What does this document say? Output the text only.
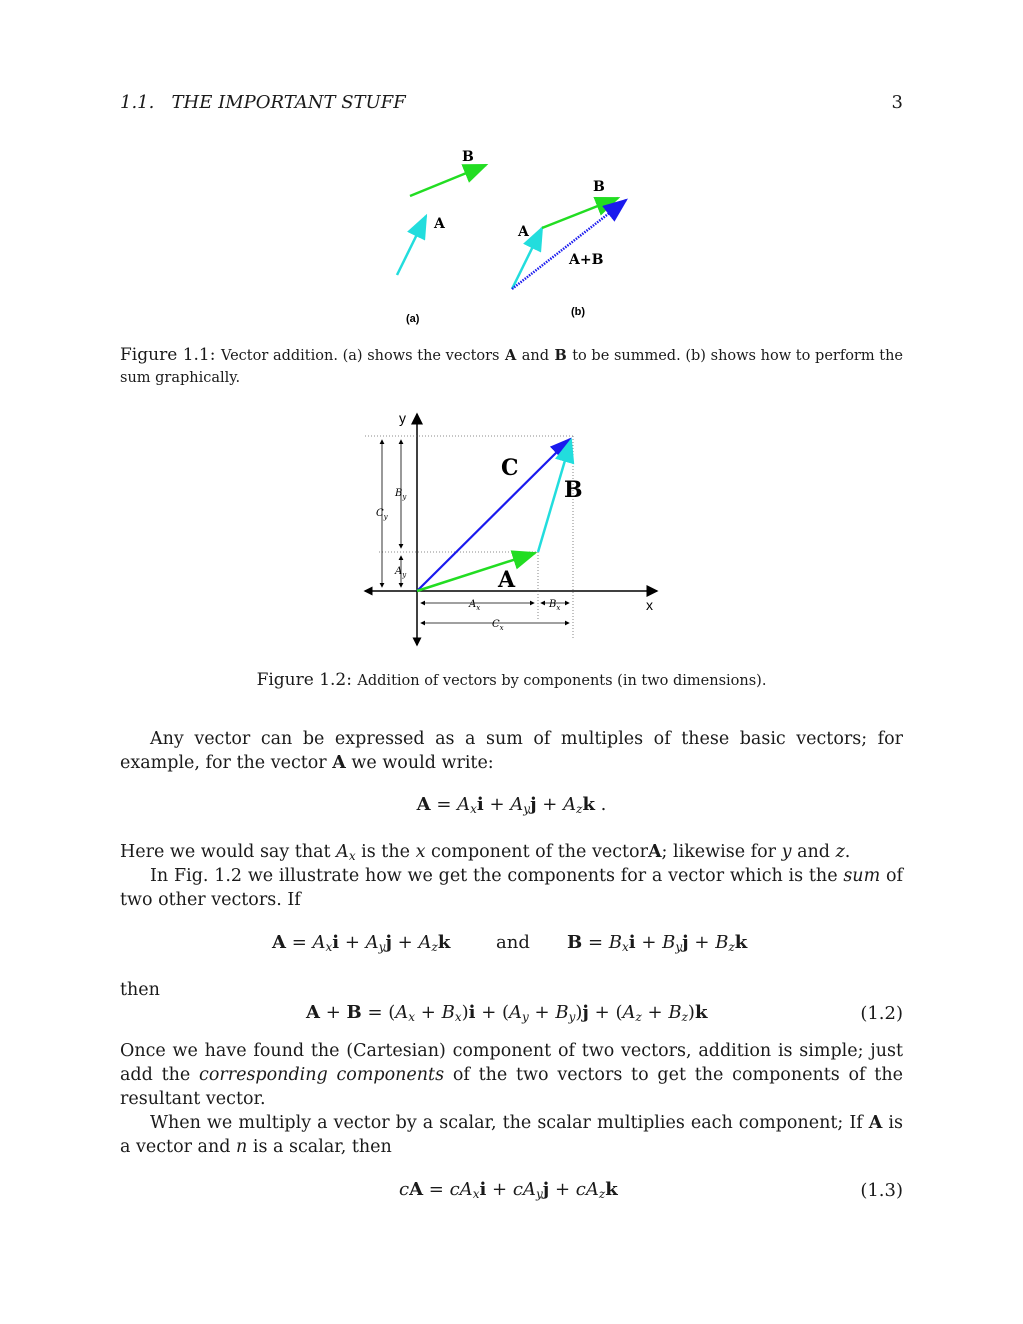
1.1.   THE IMPORTANT STUFF	3
B
A
(a)
B
A
A+B
(b)
Figure 1.1: Vector addition. (a) shows the vectors A and B to be summed. (b) shows how to perform the sum graphically.
y
x
C
B
A
$B_y$
$C_y$
$A_y$
$A_x$	$B_x$
$C_x$
Figure 1.2: Addition of vectors by components (in two dimensions).
Any vector can be expressed as a sum of multiples of these basic vectors; for example, for the vector A we would write:
$A = A_xi + A_yj + A_zk$ .
Here we would say that $A_x$ is the x component of the vectorA; likewise for y and z.
In Fig. 1.2 we illustrate how we get the components for a vector which is the sum of two other vectors. If
$A = A_xi + A_yj + A_zk$	and $B = B_xi + B_yj + B_zk$
then
$A + B = (A_x + B_x)i + (A_y + B_y)j + (A_z + B_z)k$	(1.2)
Once we have found the (Cartesian) component of two vectors, addition is simple; just add the corresponding components of the two vectors to get the components of the resultant vector.
When we multiply a vector by a scalar, the scalar multiplies each component; If A is a vector and n is a scalar, then
cA = $cA_xi + cA_yj + cA_zk$	(1.3)
